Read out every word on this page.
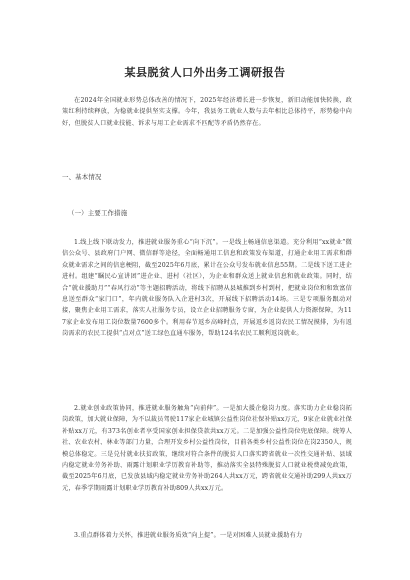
某县脱贫人口外出务工调研报告
在2024年全国就业形势总体改善的情况下，2025年经济增长进一步恢复，新旧动能加快转换，政策红利持续释放，为稳就业提供坚实支撑。今年，我县务工就业人数与去年相比总体持平，形势稳中向好，但脱贫人口就业技能、诉求与用工企业需求不匹配等矛盾仍然存在。
一、基本情况
（一）主要工作措施
1.线上线下联动发力，推进就业服务重心“向下沉”。一是线上畅通信息渠道。充分利用“xx就业”微信公众号、县政府门户网、微信群等途径，全面畅通用工信息和政策发布渠道，打通企业用工需求和群众就业需求之间的信息梗阻，截至2025年6月底，累计在公众号发布就业信息55期。二是线下送工进企进村。组建“瞩民心宣讲团”进企业、进村（社区），为企业和群众送上就业信息和就业政策。同时，结合“就业援助月”“春风行动”等主题招聘活动，将线下招聘从县城推到乡村到村，把就业岗位和和致富信息送至群众“家门口”，年内就业服务队入企进村3次，开展线下招聘活动14场。三是专项服务跟动对接，聚焦企业用工需求，落实人社服务专员，设立企业招聘服务专窗，为企业提供人力资源保障，为117家企业发布用工岗位数量7600多个。利用春节返乡高峰时点，开展返乡返岗农民工情况摸排，为有返岗需求的农民工提供“点对点”送工绿色直通车服务，帮助124名农民工顺利返岗就业。
2.就业创业政策协同，推进就业服务触角“向前伸”。一是加大援企稳岗力度。落实助力企业稳岗拓岗政策，加大就业保障，为不以裁员驾驶117家企业城镇公益性岗位社保补贴xx万元，9家企业就业社保补贴xx万元，有373名创业者享受国家创业担保贷款共xx万元。二是加强公益性岗位兜底保障。统筹人社、农业农村、林业等部门力量，合理开发乡村公益性岗位，目前各类乡村公益性岗位在岗2350人，规模总体稳定。三是兑付就业扶贫政策，继续对符合条件的脱贫人口落实跨省就业一次性交通补贴、县域内稳定就业劳务补助、雨露计划职业学历教育补助等，推动落实全县特殊脱贫人口就业税费减免政策，截至2025年6月底，已发放县域内稳定就业劳务补助264人共xx万元，跨省就业交通补助299人共xx万元，春季学期雨露计划职业学历教育补助809人共xx万元。
3.重点群体着力关怀，推进就业服务质效“向上提”。一是对困难人员就业援助有力
